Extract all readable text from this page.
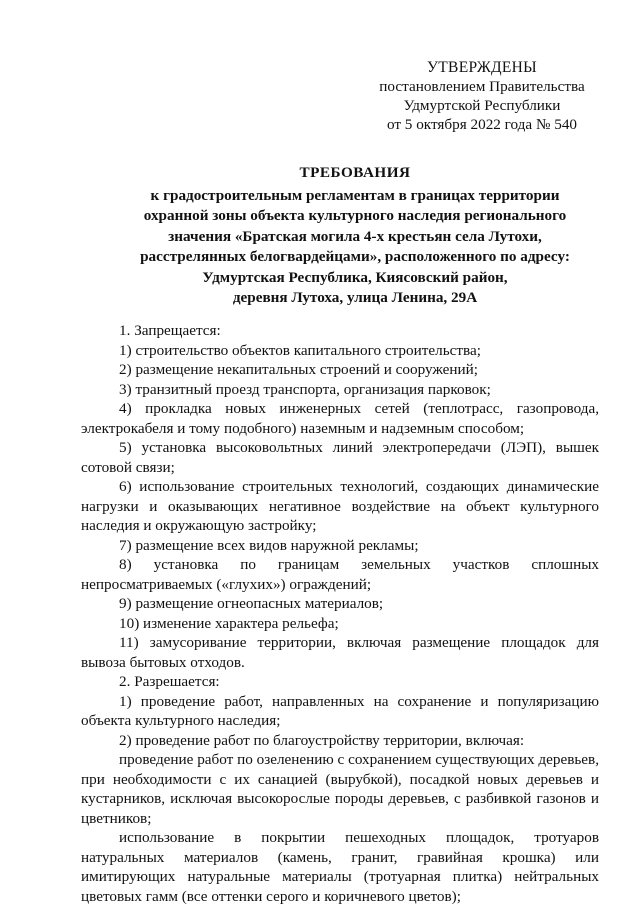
УТВЕРЖДЕНЫ
постановлением Правительства
Удмуртской Республики
от 5 октября 2022 года № 540
ТРЕБОВАНИЯ
к градостроительным регламентам в границах территории
охранной зоны объекта культурного наследия регионального
значения «Братская могила 4-х крестьян села Лутохи,
расстрелянных белогвардейцами», расположенного по адресу:
Удмуртская Республика, Киясовский район,
деревня Лутоха, улица Ленина, 29А

1. Запрещается:

1) строительство объектов капитального строительства;

2) размещение некапитальных строений и сооружений;

3) транзитный проезд транспорта, организация парковок;

4) прокладка новых инженерных сетей (теплотрасс, газопровода, электрокабеля и тому подобного) наземным и надземным способом;

5) установка высоковольтных линий электропередачи (ЛЭП), вышек сотовой связи;

6) использование строительных технологий, создающих динамические нагрузки и оказывающих негативное воздействие на объект культурного наследия и окружающую застройку;

7) размещение всех видов наружной рекламы;

8) установка по границам земельных участков сплошных непросматриваемых («глухих») ограждений;

9) размещение огнеопасных материалов;

10) изменение характера рельефа;

11) замусоривание территории, включая размещение площадок для вывоза бытовых отходов.

2. Разрешается:

1) проведение работ, направленных на сохранение и популяризацию объекта культурного наследия;

2) проведение работ по благоустройству территории, включая:

проведение работ по озеленению с сохранением существующих деревьев, при необходимости с их санацией (вырубкой), посадкой новых деревьев и кустарников, исключая высокорослые породы деревьев, с разбивкой газонов и цветников;

использование в покрытии пешеходных площадок, тротуаров натуральных материалов (камень, гранит, гравийная крошка) или имитирующих натуральные материалы (тротуарная плитка) нейтральных цветовых гамм (все оттенки серого и коричневого цветов);
